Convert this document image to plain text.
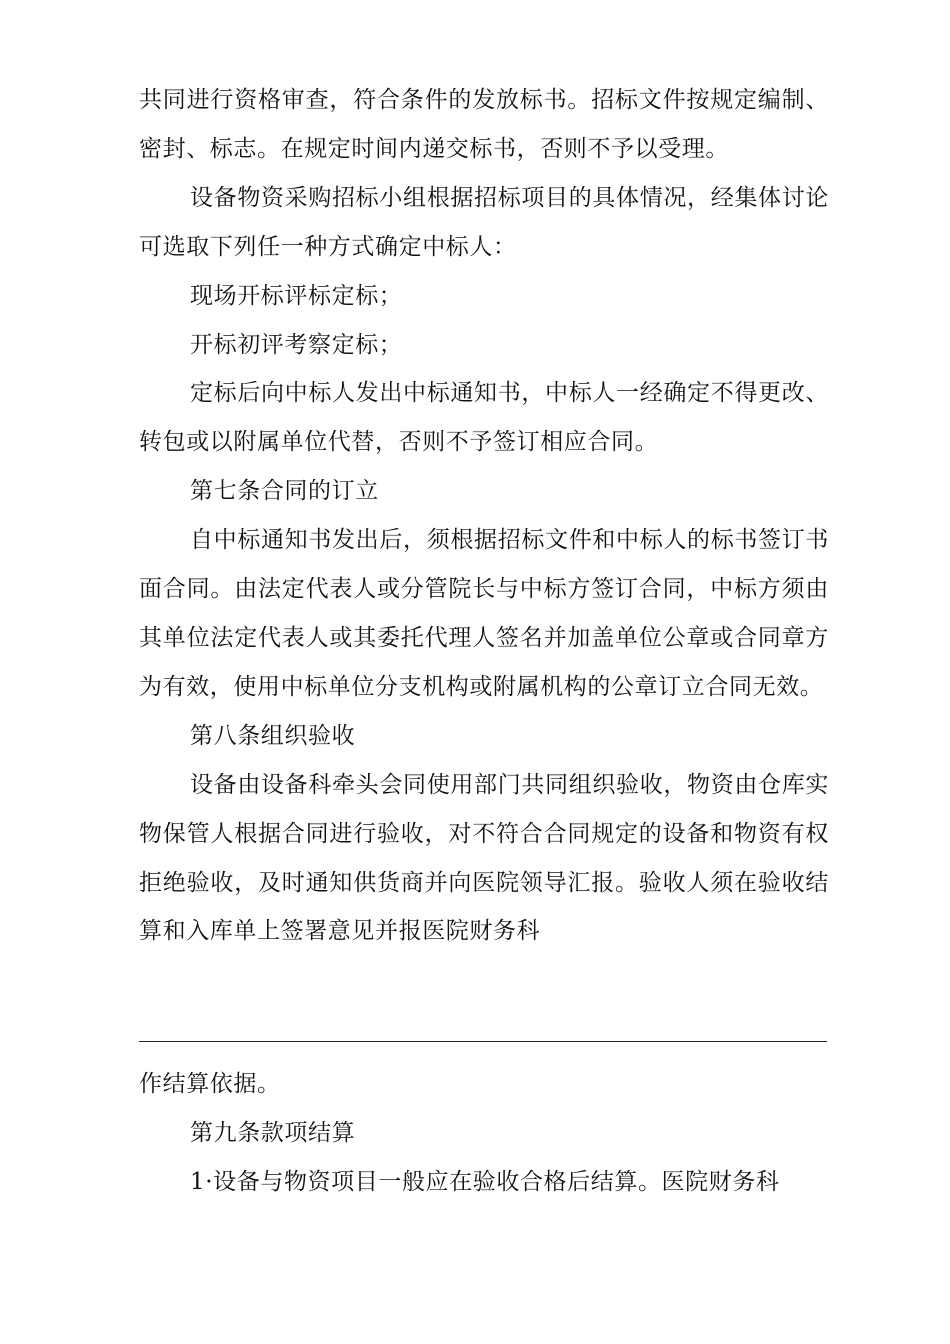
共同进行资格审查，符合条件的发放标书。招标文件按规定编制、密封、标志。在规定时间内递交标书，否则不予以受理。

设备物资采购招标小组根据招标项目的具体情况，经集体讨论可选取下列任一种方式确定中标人：

现场开标评标定标；

开标初评考察定标；

定标后向中标人发出中标通知书，中标人一经确定不得更改、转包或以附属单位代替，否则不予签订相应合同。

第七条合同的订立

自中标通知书发出后，须根据招标文件和中标人的标书签订书面合同。由法定代表人或分管院长与中标方签订合同，中标方须由其单位法定代表人或其委托代理人签名并加盖单位公章或合同章方为有效，使用中标单位分支机构或附属机构的公章订立合同无效。

第八条组织验收

设备由设备科牵头会同使用部门共同组织验收，物资由仓库实物保管人根据合同进行验收，对不符合合同规定的设备和物资有权拒绝验收，及时通知供货商并向医院领导汇报。验收人须在验收结算和入库单上签署意见并报医院财务科

作结算依据。

第九条款项结算

1·设备与物资项目一般应在验收合格后结算。医院财务科
